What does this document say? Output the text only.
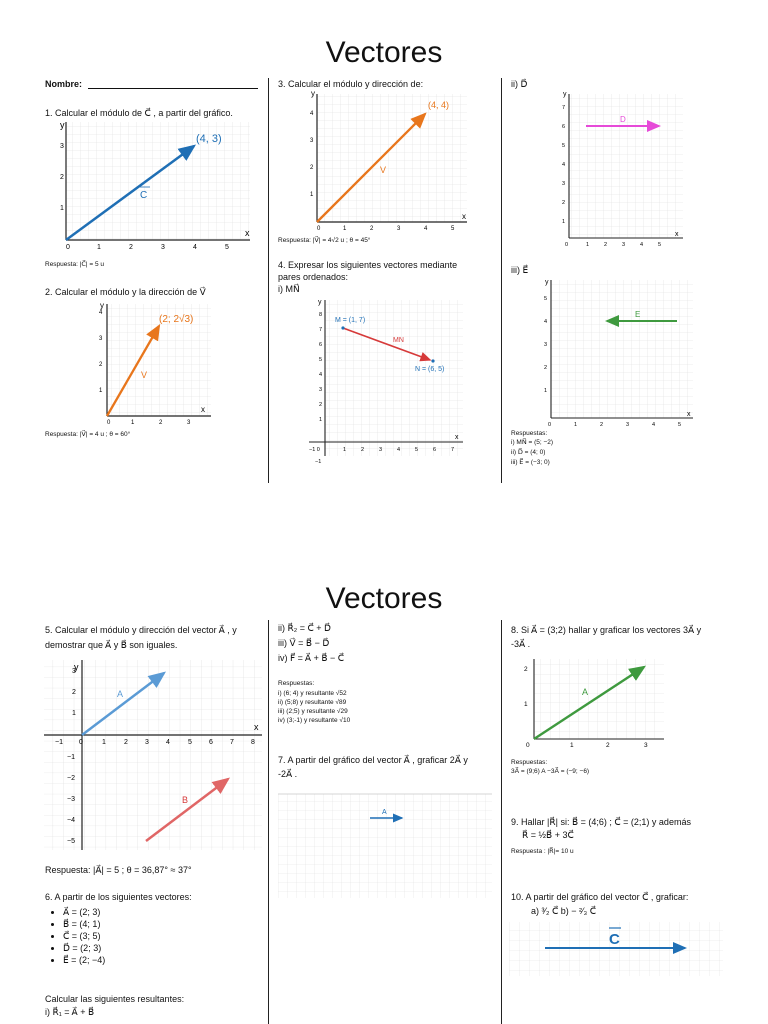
Vectores
Nombre:
1. Calcular el módulo de C⃗ , a partir del gráfico.
y
x
3
2
1
0	1	2	3	4	5
(4, 3)
C
Respuesta: |C⃗| = 5 u
2. Calcular el módulo y la dirección de V⃗
y
x
4
3
2
1
0	1	2	3
(2; 2√3)
V
Respuesta: |V⃗| = 4 u ; θ = 60°
3. Calcular el módulo y dirección de:
y
x
4
3
2
1
0	1	2	3	4	5
(4, 4)
V
Respuesta: |V⃗| = 4√2 u ; θ = 45°
4. Expresar los siguientes vectores mediante
pares ordenados:
i) MN⃗
y
x
8
7
6
5
4
3
2
1
−1 0
−1
1	2	3	4	5	6	7
M = (1, 7)
N = (6, 5)
MN
ii) D⃗
y
x
7
6
5
4
3
2
1
0	1	2	3	4	5
D
iii) E⃗
y
x
5
4
3
2
1
0	1	2	3	4	5
E
Respuestas:
i) MN⃗ = (5; −2)
ii) D⃗ = (4; 0)
iii) E⃗ = (−3; 0)
Vectores
5. Calcular el módulo y dirección del vector A⃗ , y
demostrar que A⃗ y B⃗ son iguales.
y
x
3
2
1
−1 0	1	2 3 4	5 6 7 8
−1
−2
−3
−4
−5
A
B
Respuesta: |A⃗| = 5 ; θ = 36,87° ≈ 37°
6. A partir de los siguientes vectores:
• A⃗ = (2; 3)
• B⃗ = (4; 1)
• C⃗ = (3; 5)
• D⃗ = (2; 3)
• E⃗ = (2; −4)
Calcular las siguientes resultantes:
i) R⃗₁ = A⃗ + B⃗
ii) R⃗₂ = C⃗ + D⃗
iii) V⃗ = B⃗ − D⃗
iv) F⃗ = A⃗ + B⃗ − C⃗
Respuestas:
i) (6; 4) y resultante √52
ii) (5;8) y resultante √89
iii) (2;5) y resultante √29
iv) (3;-1) y resultante √10
7. A partir del gráfico del vector A⃗ , graficar 2A⃗ y
-2A⃗ .
A
8. Si A⃗ = (3;2) hallar y graficar los vectores 3A⃗ y
-3A⃗ .
2
1
0	1	2	3
A
Respuestas:
3A⃗ = (9;6) A −3A⃗ = (−9; −6)
9. Hallar |R⃗| si: B⃗ = (4;6) ; C⃗ = (2;1) y además
R⃗ = ½B⃗ + 3C⃗
Respuesta : |R⃗|= 10 u
10. A partir del gráfico del vector C⃗ , graficar:
a) ³⁄₂ C⃗ b) − ²⁄₃ C⃗
C
